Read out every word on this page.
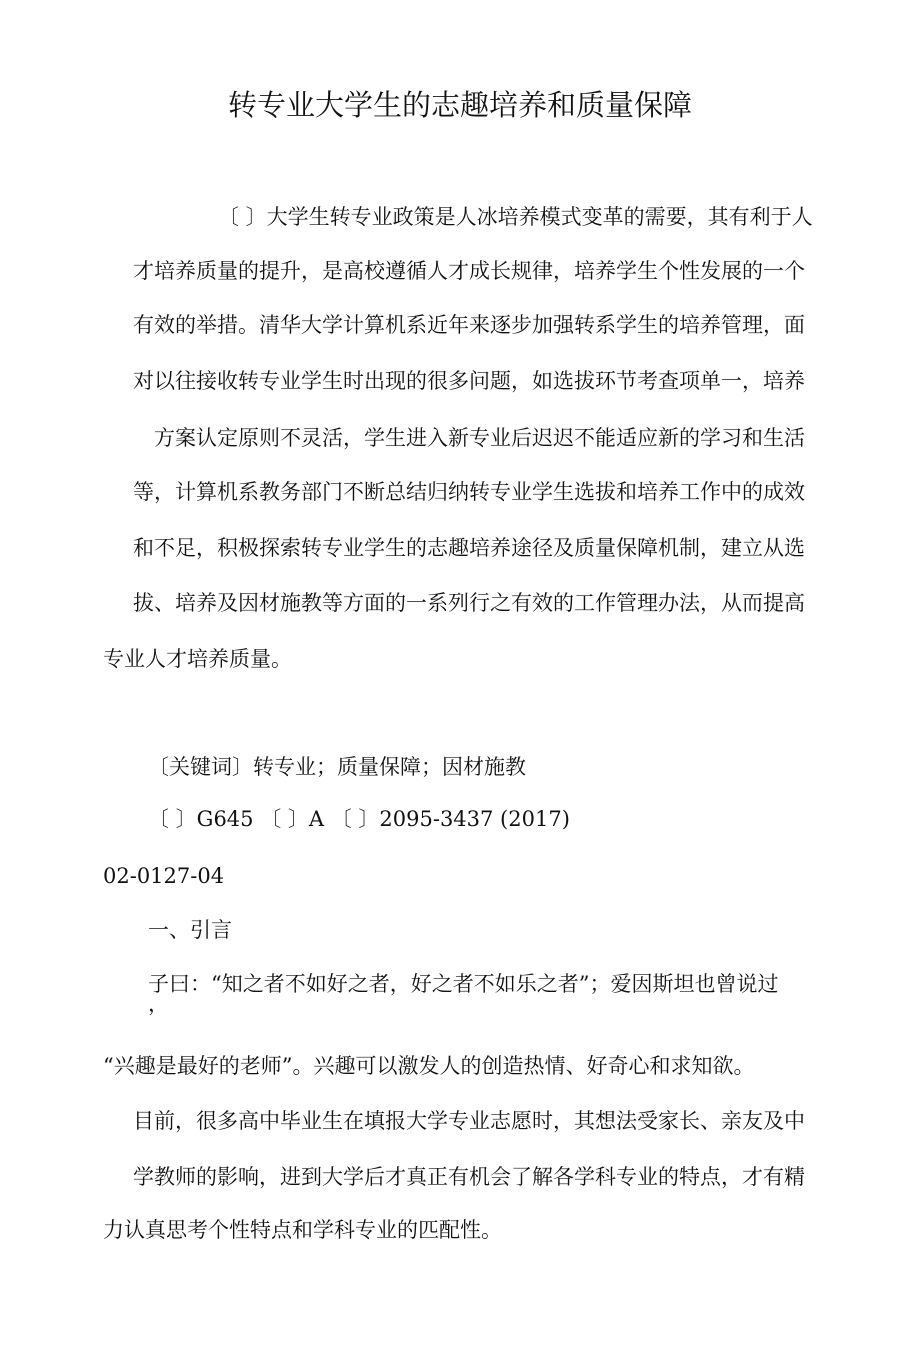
转专业大学生的志趣培养和质量保障
〔 〕大学生转专业政策是人冰培养模式变革的需要，其有利于人
才培养质量的提升，是高校遵循人才成长规律，培养学生个性发展的一个
有效的举措。清华大学计算机系近年来逐步加强转系学生的培养管理，面
对以往接收转专业学生时出现的很多问题，如选拔环节考查项单一，培养
方案认定原则不灵活，学生进入新专业后迟迟不能适应新的学习和生活
等，计算机系教务部门不断总结归纳转专业学生选拔和培养工作中的成效
和不足，积极探索转专业学生的志趣培养途径及质量保障机制，建立从选
拔、培养及因材施教等方面的一系列行之有效的工作管理办法，从而提高
专业人才培养质量。
〔关键词〕转专业；质量保障；因材施教
〔 〕G645 〔 〕A 〔 〕2095-3437 (2017)
02-0127-04
一、引言
子曰：“知之者不如好之者，好之者不如乐之者”；爱因斯坦也曾说过
，
“兴趣是最好的老师”。兴趣可以激发人的创造热情、好奇心和求知欲。
目前，很多高中毕业生在填报大学专业志愿时，其想法受家长、亲友及中
学教师的影响，进到大学后才真正有机会了解各学科专业的特点，才有精
力认真思考个性特点和学科专业的匹配性。
